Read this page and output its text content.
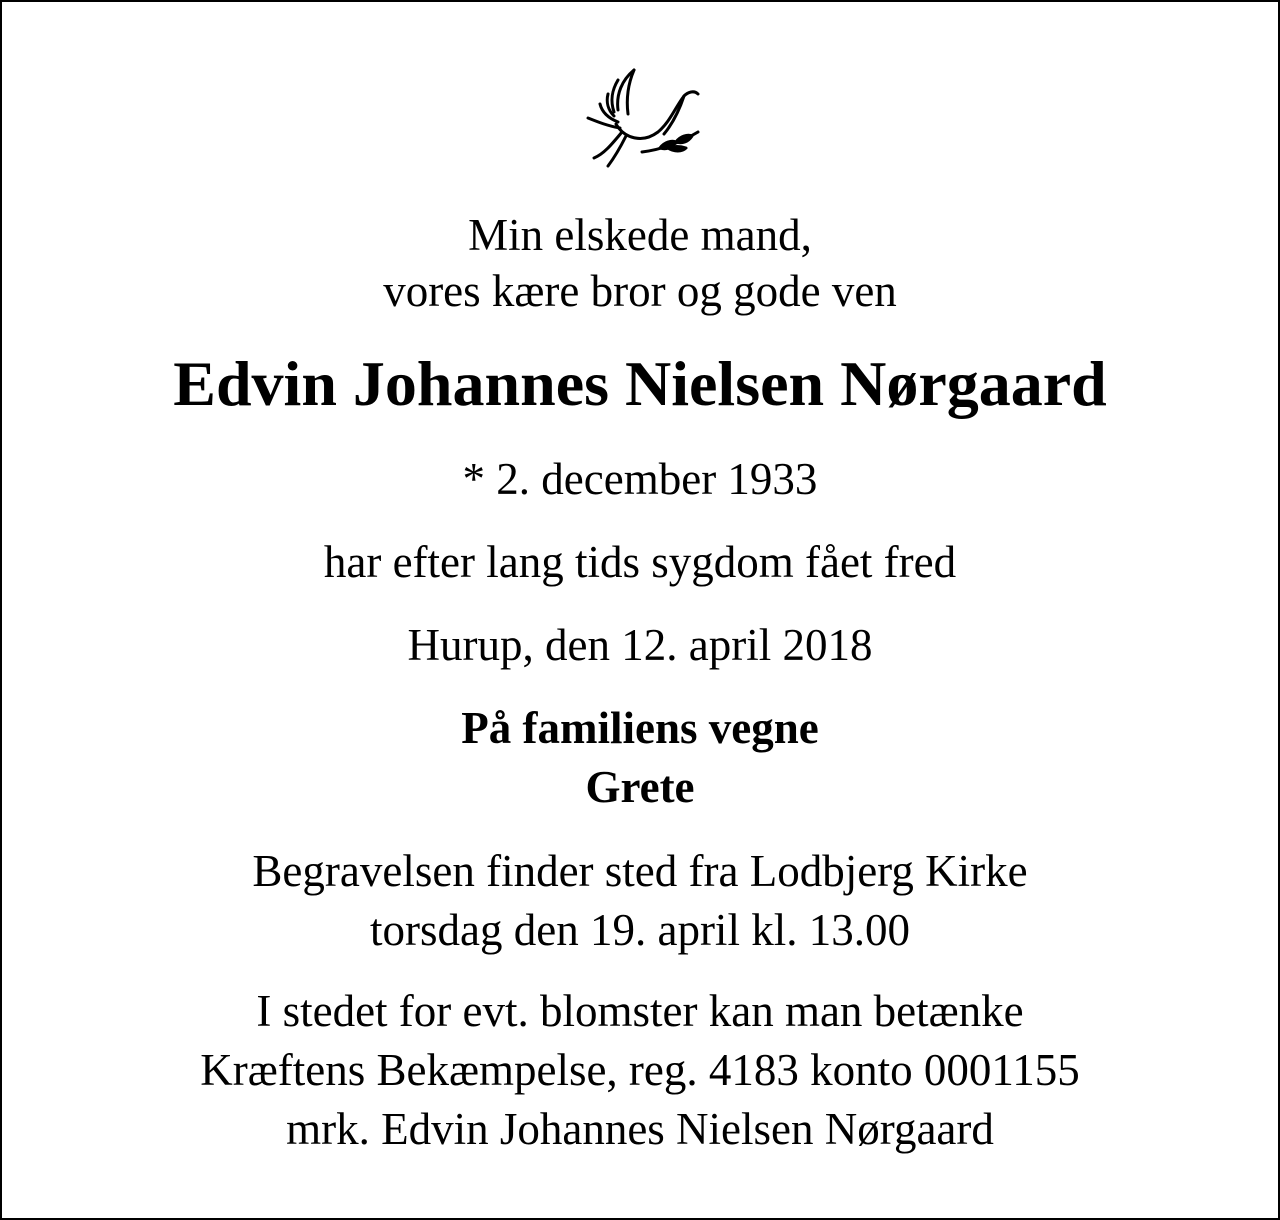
Min elskede mand,
vores kære bror og gode ven
Edvin Johannes Nielsen Nørgaard
* 2. december 1933
har efter lang tids sygdom fået fred
Hurup, den 12. april 2018
På familiens vegne
Grete
Begravelsen finder sted fra Lodbjerg Kirke
torsdag den 19. april kl. 13.00
I stedet for evt. blomster kan man betænke
Kræftens Bekæmpelse, reg. 4183 konto 0001155
mrk. Edvin Johannes Nielsen Nørgaard
